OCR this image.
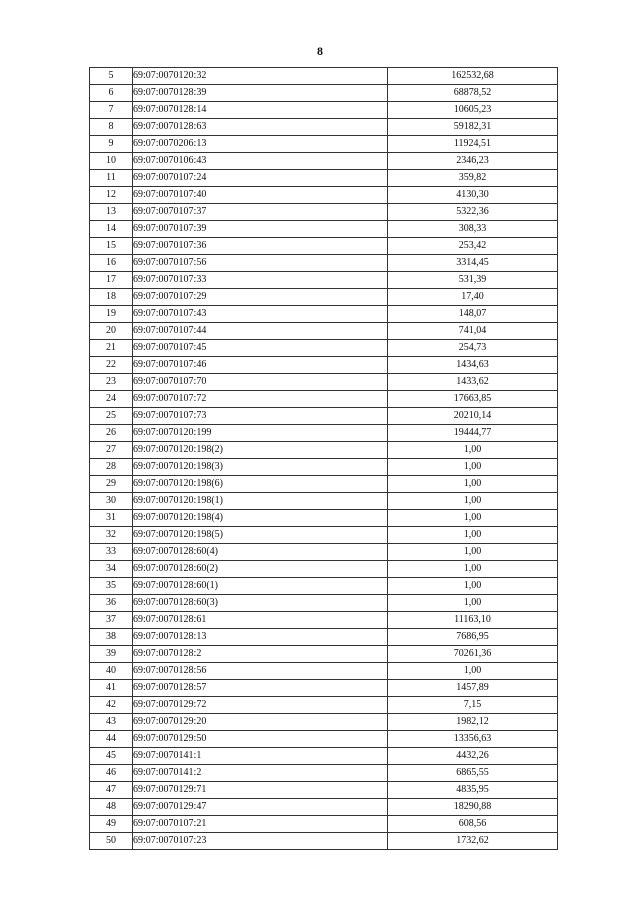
8
5	69:07:0070120:32	162532,68
6	69:07:0070128:39	68878,52
7	69:07:0070128:14	10605,23
8	69:07:0070128:63	59182,31
9	69:07:0070206:13	11924,51
10	69:07:0070106:43	2346,23
11	69:07:0070107:24	359,82
12	69:07:0070107:40	4130,30
13	69:07:0070107:37	5322,36
14	69:07:0070107:39	308,33
15	69:07:0070107:36	253,42
16	69:07:0070107:56	3314,45
17	69:07:0070107:33	531,39
18	69:07:0070107:29	17,40
19	69:07:0070107:43	148,07
20	69:07:0070107:44	741,04
21	69:07:0070107:45	254,73
22	69:07:0070107:46	1434,63
23	69:07:0070107:70	1433,62
24	69:07:0070107:72	17663,85
25	69:07:0070107:73	20210,14
26	69:07:0070120:199	19444,77
27	69:07:0070120:198(2)	1,00
28	69:07:0070120:198(3)	1,00
29	69:07:0070120:198(6)	1,00
30	69:07:0070120:198(1)	1,00
31	69:07:0070120:198(4)	1,00
32	69:07:0070120:198(5)	1,00
33	69:07:0070128:60(4)	1,00
34	69:07:0070128:60(2)	1,00
35	69:07:0070128:60(1)	1,00
36	69:07:0070128:60(3)	1,00
37	69:07:0070128:61	11163,10
38	69:07:0070128:13	7686,95
39	69:07:0070128:2	70261,36
40	69:07:0070128:56	1,00
41	69:07:0070128:57	1457,89
42	69:07:0070129:72	7,15
43	69:07:0070129:20	1982,12
44	69:07:0070129:50	13356,63
45	69:07:0070141:1	4432,26
46	69:07:0070141:2	6865,55
47	69:07:0070129:71	4835,95
48	69:07:0070129:47	18290,88
49	69:07:0070107:21	608,56
50	69:07:0070107:23	1732,62
